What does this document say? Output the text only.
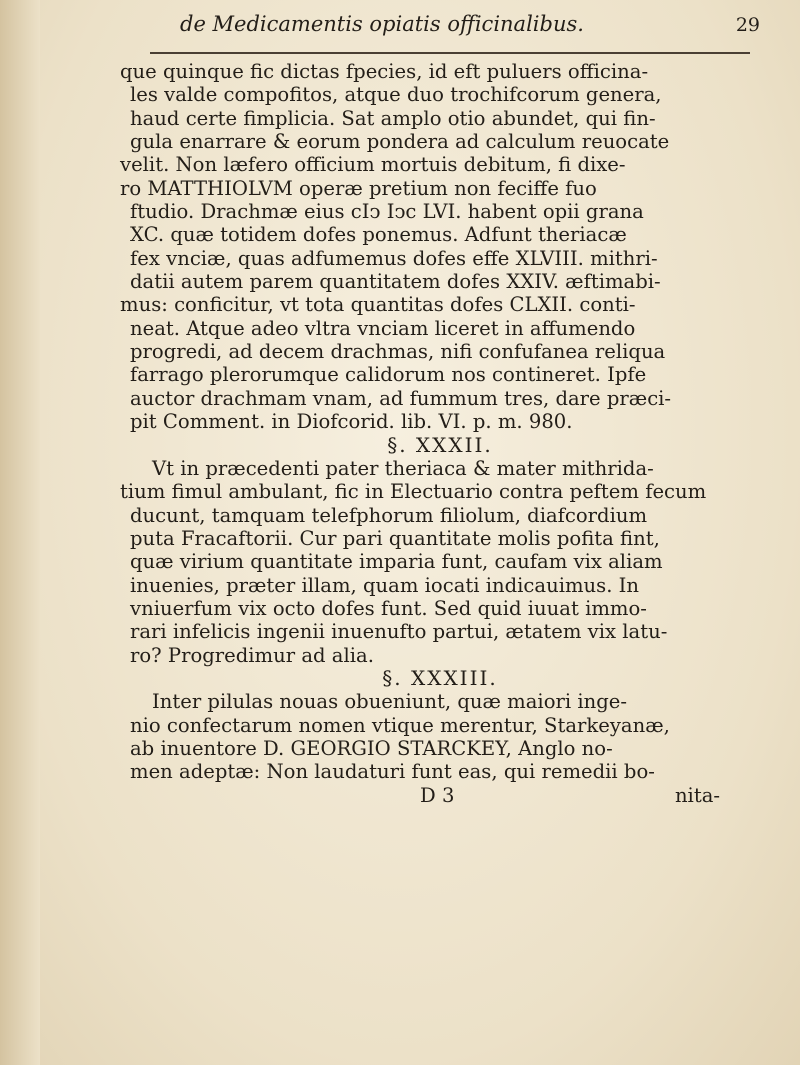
de Medicamentis opiatis officinalibus.	29
que quinque fic dictas fpecies, id eft puluers officina-
les valde compofitos, atque duo trochifcorum genera,
haud certe fimplicia. Sat amplo otio abundet, qui fin-
gula enarrare & eorum pondera ad calculum reuocate
velit. Non læfero officium mortuis debitum, fi dixe-
ro MATTHIOLVM operæ pretium non feciffe fuo
ftudio. Drachmæ eius cIↄ Iↄc LVI. habent opii grana
XC. quæ totidem dofes ponemus. Adfunt theriacæ
fex vnciæ, quas adfumemus dofes effe XLVIII. mithri-
datii autem parem quantitatem dofes XXIV. æftimabi-
mus: conficitur, vt tota quantitas dofes CLXII. conti-
neat. Atque adeo vltra vnciam liceret in affumendo
progredi, ad decem drachmas, nifi confufanea reliqua
farrago plerorumque calidorum nos contineret. Ipfe
auctor drachmam vnam, ad fummum tres, dare præci-
pit Comment. in Diofcorid. lib. VI. p. m. 980.
§. XXXII.
Vt in præcedenti pater theriaca & mater mithrida-
tium fimul ambulant, fic in Electuario contra peftem fecum
ducunt, tamquam telefphorum filiolum, diafcordium
puta Fracaftorii. Cur pari quantitate molis pofita fint,
quæ virium quantitate imparia funt, caufam vix aliam
inuenies, præter illam, quam iocati indicauimus. In
vniuerfum vix octo dofes funt. Sed quid iuuat immo-
rari infelicis ingenii inuenufto partui, ætatem vix latu-
ro? Progredimur ad alia.
§. XXXIII.
Inter pilulas nouas obueniunt, quæ maiori inge-
nio confectarum nomen vtique merentur, Starkeyanæ,
ab inuentore D. GEORGIO STARCKEY, Anglo no-
men adeptæ: Non laudaturi funt eas, qui remedii bo-
D 3	nita-
